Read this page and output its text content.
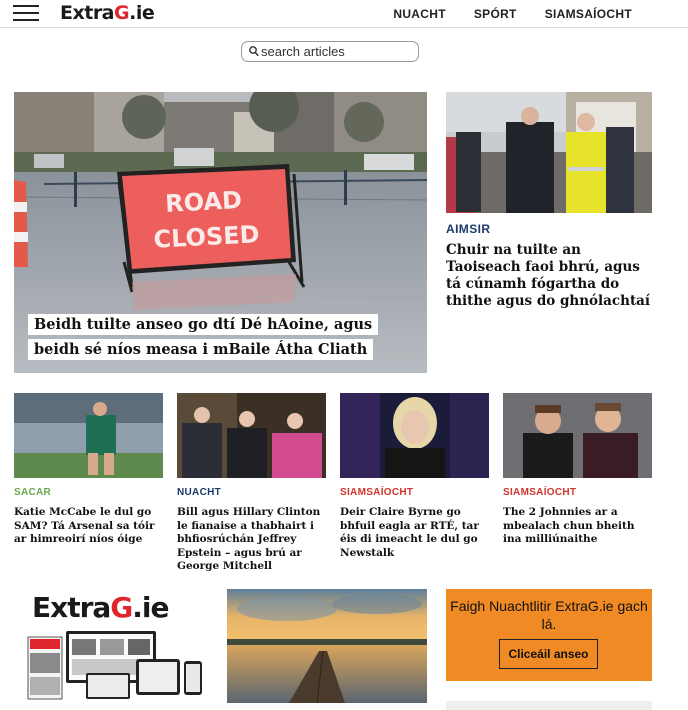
ExtraG.ie	NUACHT SPÓRT SIAMSAÍOCHT
search articles
ROAD
CLOSED
Beidh tuilte anseo go dtí Dé hAoine, agus beidh sé níos measa i mBaile Átha Cliath
AIMSIR
Chuir na tuilte an Taoiseach faoi bhrú, agus tá cúnamh fógartha do thithe agus do ghnólachtaí
SACAR
Katie McCabe le dul go SAM? Tá Arsenal sa tóir ar himreoirí níos óige
NUACHT
Bill agus Hillary Clinton le fianaise a thabhairt i bhfiosrúchán Jeffrey Epstein – agus brú ar George Mitchell
SIAMSAÍOCHT
Deir Claire Byrne go bhfuil eagla ar RTÉ, tar éis di imeacht le dul go Newstalk
SIAMSAÍOCHT
The 2 Johnnies ar a mbealach chun bheith ina milliúnaithe
ExtraG.ie	Faigh Nuachtlitir ExtraG.ie gach lá.
Cliceáil anseo
